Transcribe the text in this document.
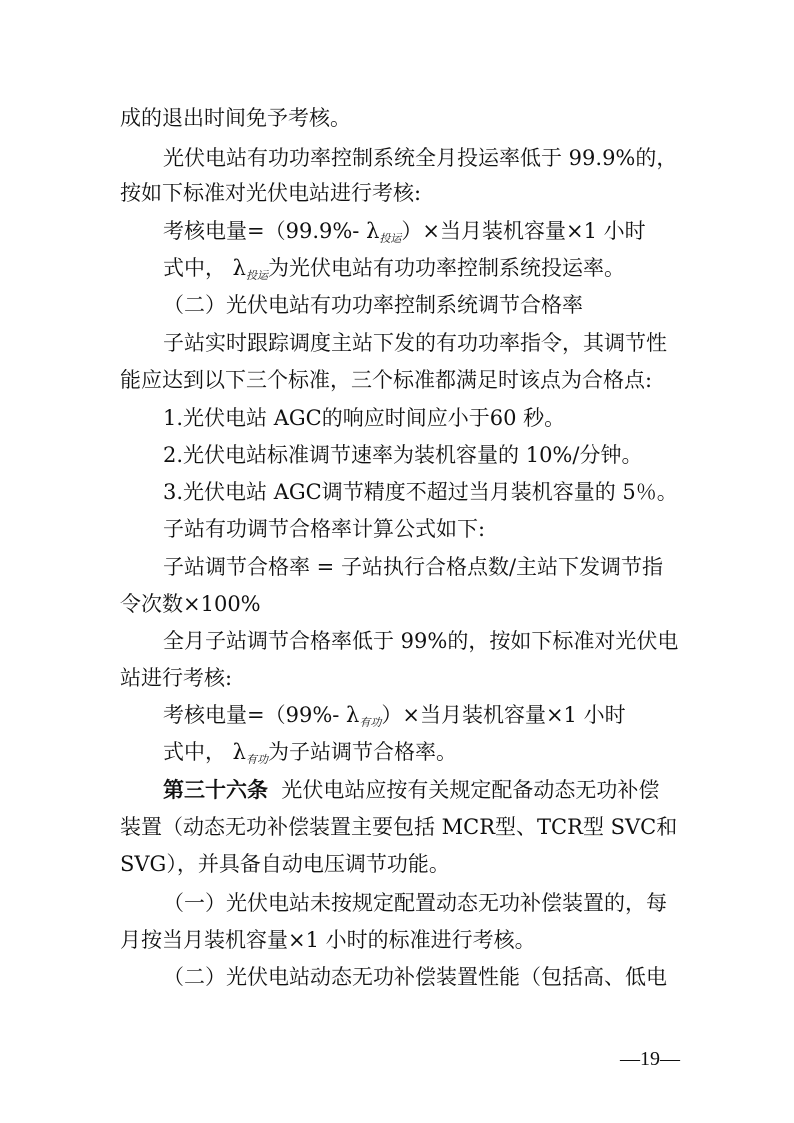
成的退出时间免予考核。
光伏电站有功功率控制系统全月投运率低于 99.9%的，
按如下标准对光伏电站进行考核:
考核电量=（99.9%- $\lambda_{投运})\times$当月装机容量×1 小时
式中， $\lambda_{投运}$为光伏电站有功功率控制系统投运率。
（二）光伏电站有功功率控制系统调节合格率
子站实时跟踪调度主站下发的有功功率指令，其调节性
能应达到以下三个标准，三个标准都满足时该点为合格点:
1.光伏电站 AGC的响应时间应小于60 秒。
2.光伏电站标准调节速率为装机容量的 10%/分钟。
3.光伏电站 AGC调节精度不超过当月装机容量的 5％。
子站有功调节合格率计算公式如下:
子站调节合格率 = 子站执行合格点数/主站下发调节指
令次数×100%
全月子站调节合格率低于 99%的，按如下标准对光伏电
站进行考核:
考核电量=（99%- $\lambda_{有功})\times$当月装机容量×1 小时
式中， $\lambda_{有功}$为子站调节合格率。
第三十六条 光伏电站应按有关规定配备动态无功补偿
装置（动态无功补偿装置主要包括 MCR型、TCR型 SVC和
SVG），并具备自动电压调节功能。
（一）光伏电站未按规定配置动态无功补偿装置的，每
月按当月装机容量×1 小时的标准进行考核。
（二）光伏电站动态无功补偿装置性能（包括高、低电
—19—
